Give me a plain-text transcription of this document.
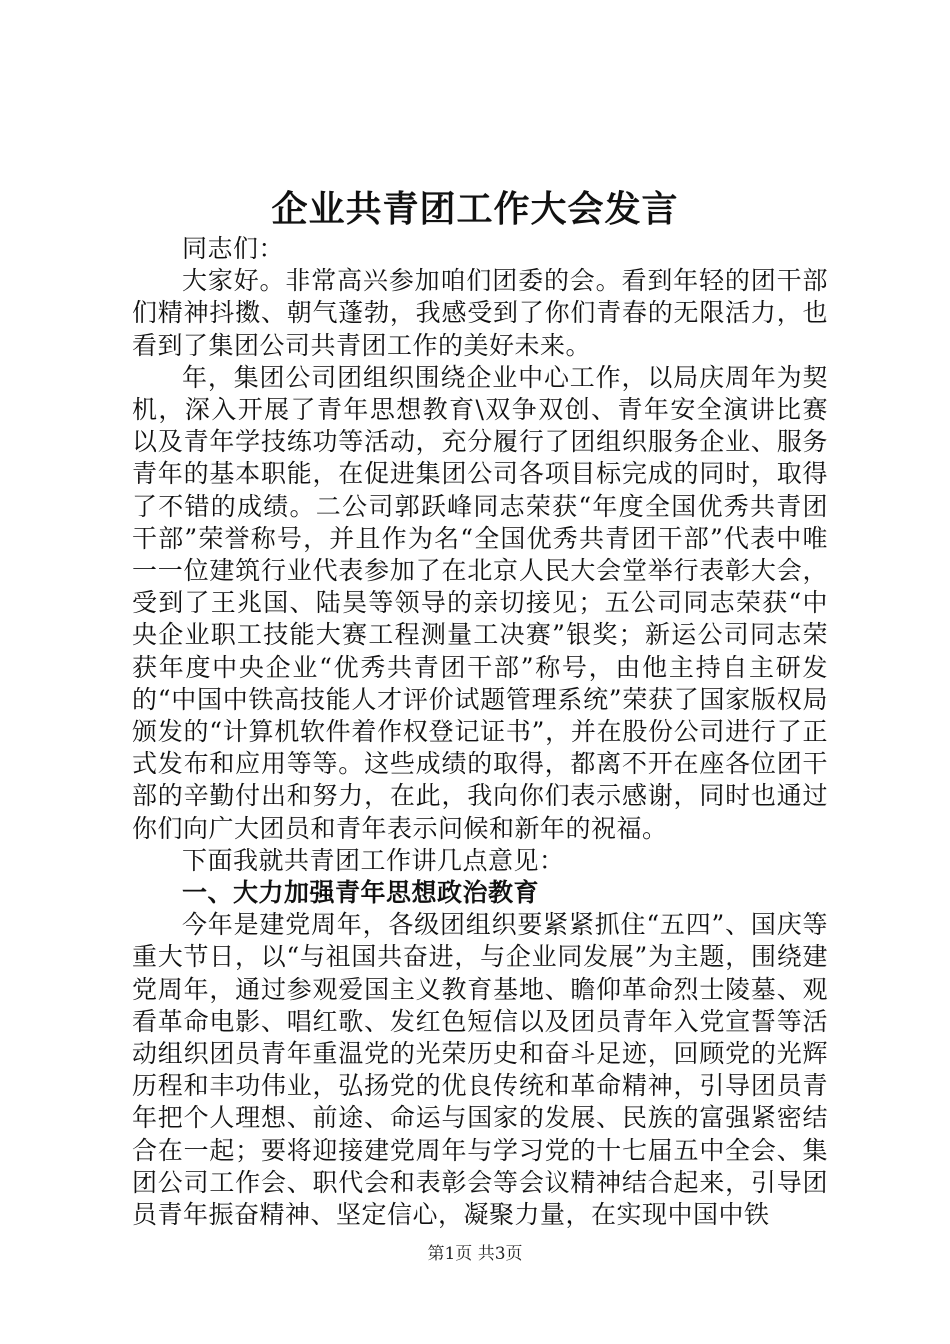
企业共青团工作大会发言

同志们：

大家好。非常高兴参加咱们团委的会。看到年轻的团干部们精神抖擞、朝气蓬勃，我感受到了你们青春的无限活力，也看到了集团公司共青团工作的美好未来。

年，集团公司团组织围绕企业中心工作，以局庆周年为契机，深入开展了青年思想教育\双争双创、青年安全演讲比赛以及青年学技练功等活动，充分履行了团组织服务企业、服务青年的基本职能，在促进集团公司各项目标完成的同时，取得了不错的成绩。二公司郭跃峰同志荣获“年度全国优秀共青团干部”荣誉称号，并且作为名“全国优秀共青团干部”代表中唯一一位建筑行业代表参加了在北京人民大会堂举行表彰大会，受到了王兆国、陆昊等领导的亲切接见；五公司同志荣获“中央企业职工技能大赛工程测量工决赛”银奖；新运公司同志荣获年度中央企业“优秀共青团干部”称号，由他主持自主研发的“中国中铁高技能人才评价试题管理系统”荣获了国家版权局颁发的“计算机软件着作权登记证书”，并在股份公司进行了正式发布和应用等等。这些成绩的取得，都离不开在座各位团干部的辛勤付出和努力，在此，我向你们表示感谢，同时也通过你们向广大团员和青年表示问候和新年的祝福。

下面我就共青团工作讲几点意见：

一、大力加强青年思想政治教育

今年是建党周年，各级团组织要紧紧抓住“五四”、国庆等重大节日，以“与祖国共奋进，与企业同发展”为主题，围绕建党周年，通过参观爱国主义教育基地、瞻仰革命烈士陵墓、观看革命电影、唱红歌、发红色短信以及团员青年入党宣誓等活动组织团员青年重温党的光荣历史和奋斗足迹，回顾党的光辉历程和丰功伟业，弘扬党的优良传统和革命精神，引导团员青年把个人理想、前途、命运与国家的发展、民族的富强紧密结合在一起；要将迎接建党周年与学习党的十七届五中全会、集团公司工作会、职代会和表彰会等会议精神结合起来，引导团员青年振奋精神、坚定信心，凝聚力量，在实现中国中铁

第1页 共3页
